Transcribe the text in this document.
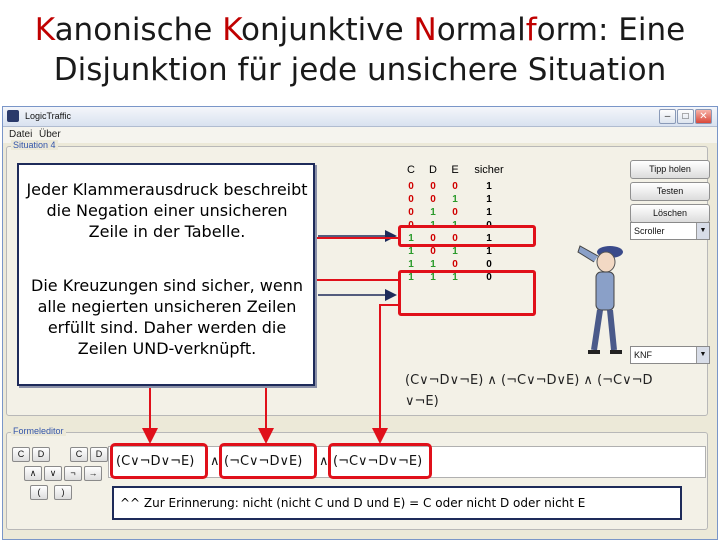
Kanonische Konjunktive Normalform: Eine
Disjunktion für jede unsichere Situation
LogicTraffic	–	□	✕
Datei Über
Situation 4
C	D	E	sicher
0	0	0	1
0	0	1	1
0	1	0	1
0	1	1	0
1	0	0	1
1	0	1	1
1	1	0	0
1	1	1	0
Tipp holen
Testen
Löschen
Scroller	▼
KNF	▼
(C∨¬D∨¬E) ∧ (¬C∨¬D∨E) ∧ (¬C∨¬D
∨¬E)
Formeleditor
C	D	C	D
∧	∨	¬	→
(	)
(C∨¬D∨¬E) ∧ (¬C∨¬D∨E) ∧ (¬C∨¬D∨¬E)
Jeder Klammerausdruck beschreibt die Negation einer unsicheren Zeile in der Tabelle.
Die Kreuzungen sind sicher, wenn alle negierten unsicheren Zeilen erfüllt sind. Daher werden die Zeilen UND-verknüpft.
^^ Zur Erinnerung: nicht (nicht C und D und E) = C oder nicht D oder nicht E
